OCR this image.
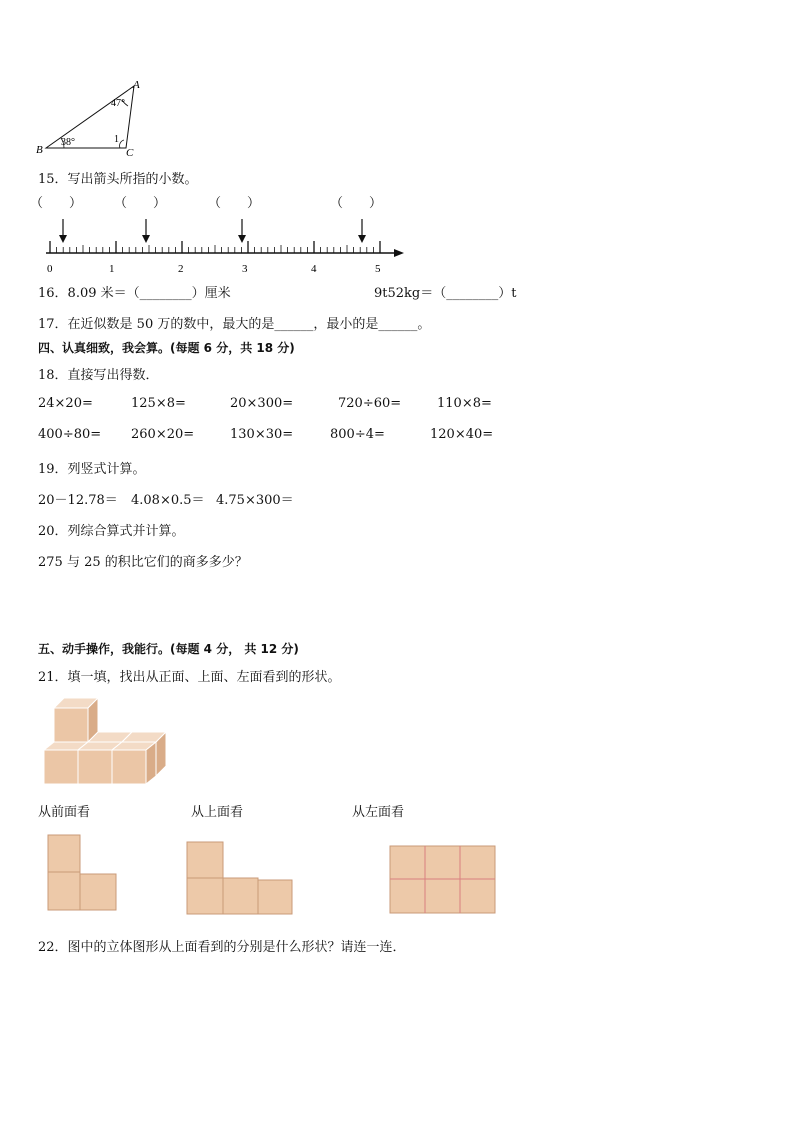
A
B	C
47°
38°	1
15．写出箭头所指的小数。
（　　） （　　）	（　　）	（　　）
0	1	2	3	4	5
16．8.09 米＝（________）厘米	9t52kg＝（________）t
17．在近似数是 50 万的数中，最大的是______，最小的是______。
四、认真细致，我会算。(每题 6 分，共 18 分)
18．直接写出得数．
24×20=	125×8=	20×300=	720÷60=	110×8=
400÷80= 260×20=	130×30=	800÷4=	120×40=
19．列竖式计算。
20－12.78＝ 4.08×0.5＝ 4.75×300＝
20．列综合算式并计算。
275 与 25 的积比它们的商多多少？
五、动手操作，我能行。(每题 4 分， 共 12 分)
21．填一填，找出从正面、上面、左面看到的形状。
从前面看	从上面看	从左面看
22．图中的立体图形从上面看到的分别是什么形状？请连一连．
